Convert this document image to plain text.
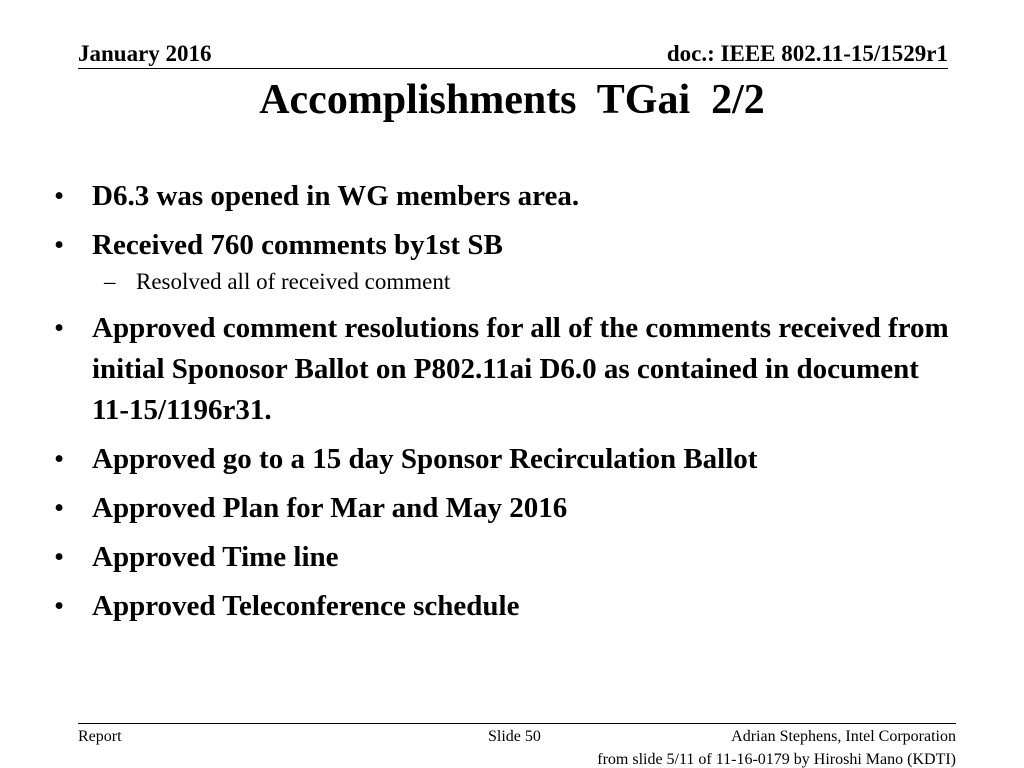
January 2016	doc.: IEEE 802.11-15/1529r1
Accomplishments  TGai  2/2
• D6.3 was opened in WG members area.
• Received 760 comments by1st SB
– Resolved all of received comment
• Approved comment resolutions for all of the comments received from initial Sponosor Ballot on P802.11ai D6.0 as contained in document     11-15/1196r31.
• Approved go to a 15 day Sponsor Recirculation Ballot
• Approved Plan for Mar and May 2016
• Approved Time line
• Approved Teleconference schedule
Report	Slide 50	Adrian Stephens, Intel Corporation
from slide 5/11 of 11-16-0179 by Hiroshi Mano (KDTI)
